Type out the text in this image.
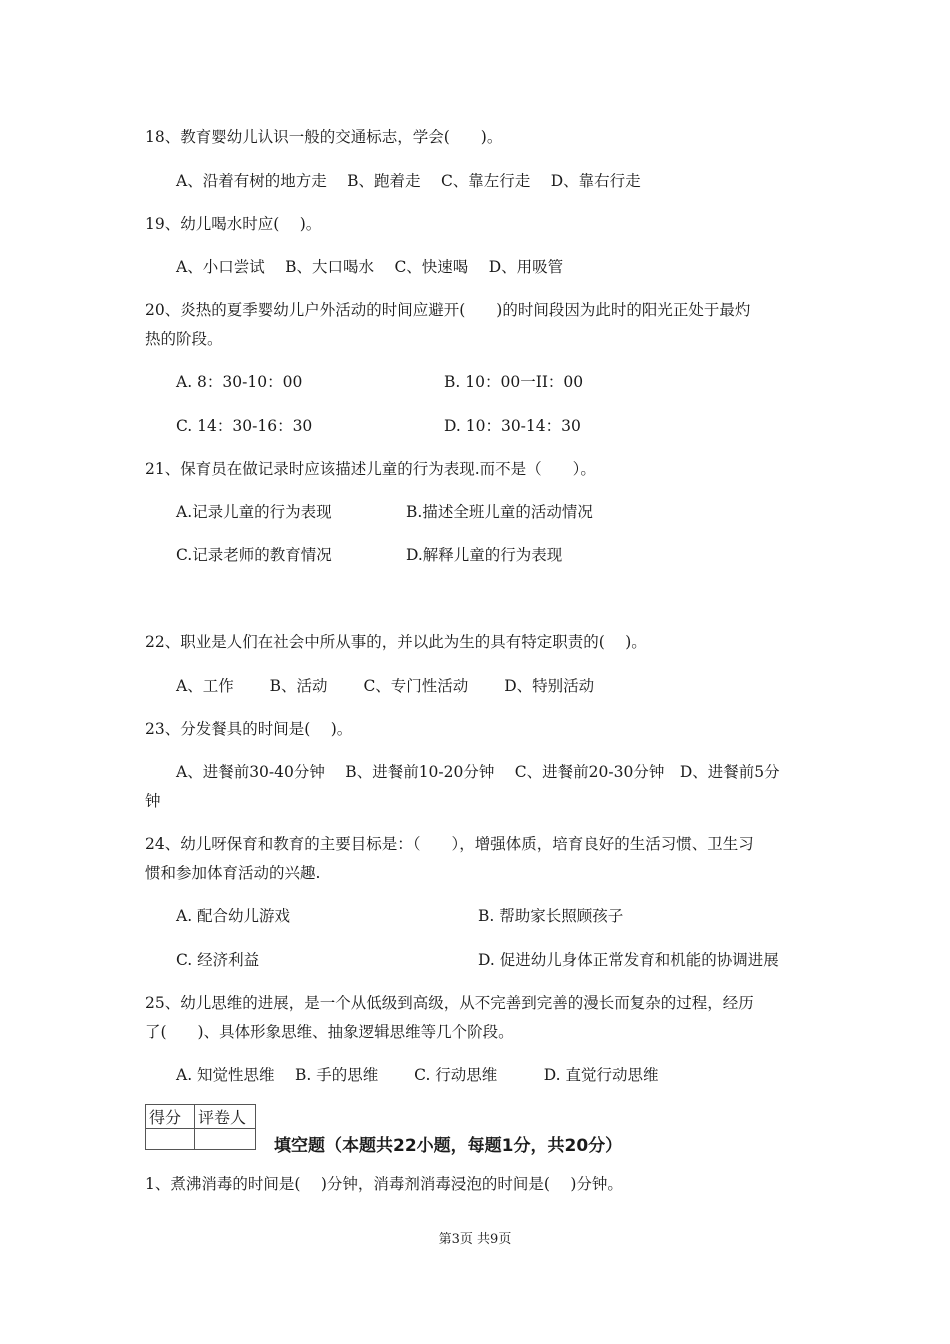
18、教育婴幼儿认识一般的交通标志，学会(　　)。
A、沿着有树的地方走　 B、跑着走　 C、靠左行走　 D、靠右行走
19、幼儿喝水时应(　 )。
A、小口尝试　 B、大口喝水　 C、快速喝　 D、用吸管
20、炎热的夏季婴幼儿户外活动的时间应避开(　　)的时间段因为此时的阳光正处于最灼
热的阶段。
A. 8：30-10：00	B. 10：00一II：00
C. 14：30-16：30	D. 10：30-14：30
21、保育员在做记录时应该描述儿童的行为表现.而不是（　　）。
A.记录儿童的行为表现	B.描述全班儿童的活动情况
C.记录老师的教育情况	D.解释儿童的行为表现
22、职业是人们在社会中所从事的，并以此为生的具有特定职责的(　 )。
A、工作　　 B、活动　　 C、专门性活动　　 D、特别活动
23、分发餐具的时间是(　 )。
A、进餐前30-40分钟　 B、进餐前10-20分钟　 C、进餐前20-30分钟　D、进餐前5分
钟
24、幼儿呀保育和教育的主要目标是：（　　），增强体质，培育良好的生活习惯、卫生习
惯和参加体育活动的兴趣.
A. 配合幼儿游戏	B. 帮助家长照顾孩子
C. 经济利益	D. 促进幼儿身体正常发育和机能的协调进展
25、幼儿思维的进展，是一个从低级到高级，从不完善到完善的漫长而复杂的过程，经历
了(　　)、具体形象思维、抽象逻辑思维等几个阶段。
A. 知觉性思维　 B. 手的思维　　 C. 行动思维　　　D. 直觉行动思维
得分	评卷人

填空题（本题共22小题，每题1分，共20分）
1、煮沸消毒的时间是(　 )分钟，消毒剂消毒浸泡的时间是(　 )分钟。
第3页 共9页
